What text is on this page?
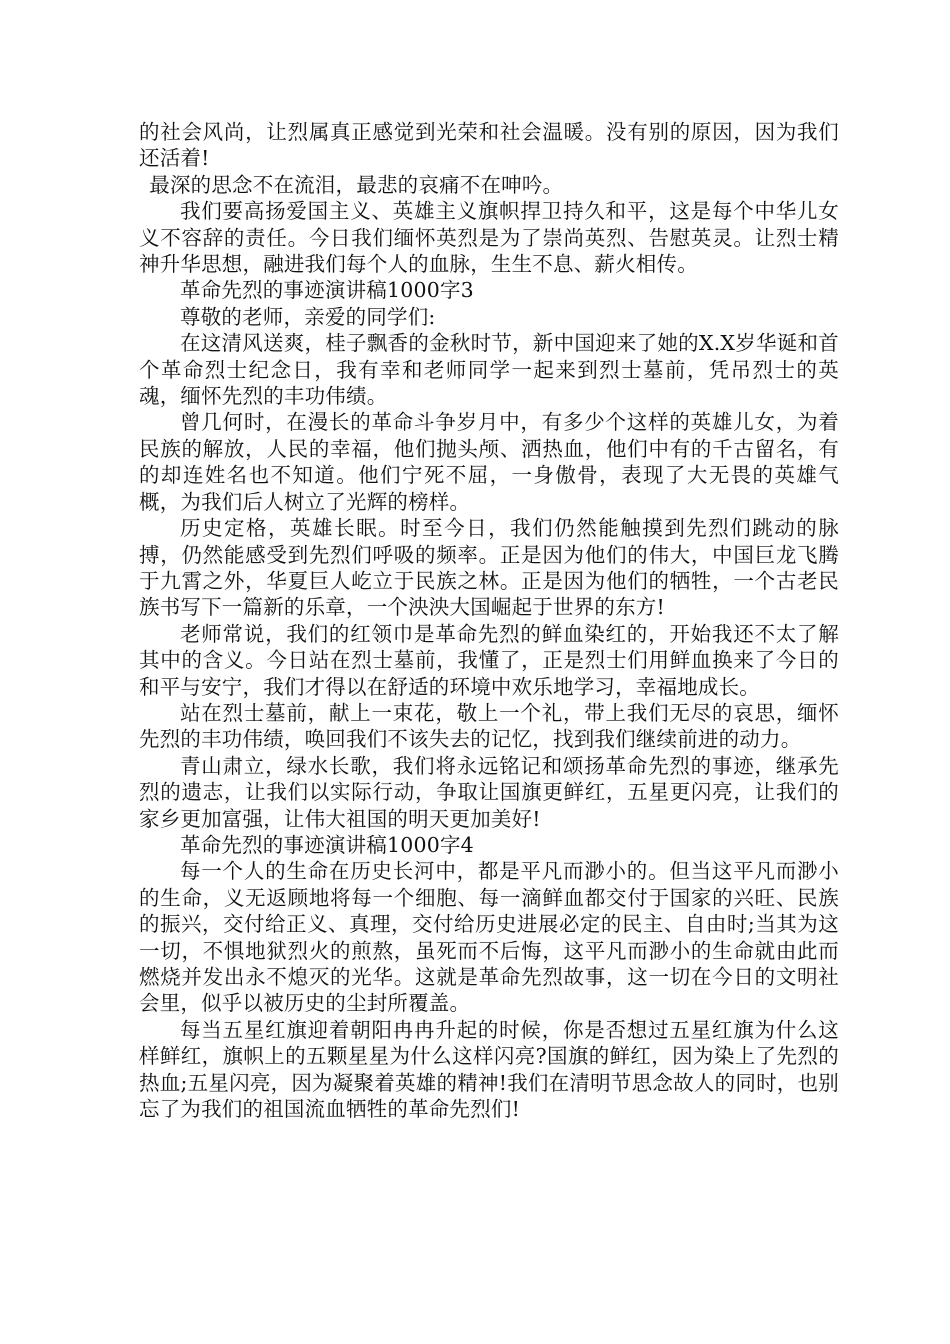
的社会风尚，让烈属真正感觉到光荣和社会温暖。没有别的原因，因为我们还活着!

最深的思念不在流泪，最悲的哀痛不在呻吟。

我们要高扬爱国主义、英雄主义旗帜捍卫持久和平，这是每个中华儿女义不容辞的责任。今日我们缅怀英烈是为了崇尚英烈、告慰英灵。让烈士精神升华思想，融进我们每个人的血脉，生生不息、薪火相传。

革命先烈的事迹演讲稿1000字3

尊敬的老师，亲爱的同学们:

在这清风送爽，桂子飘香的金秋时节，新中国迎来了她的X.X岁华诞和首个革命烈士纪念日，我有幸和老师同学一起来到烈士墓前，凭吊烈士的英魂，缅怀先烈的丰功伟绩。

曾几何时，在漫长的革命斗争岁月中，有多少个这样的英雄儿女，为着民族的解放，人民的幸福，他们抛头颅、洒热血，他们中有的千古留名，有的却连姓名也不知道。他们宁死不屈，一身傲骨，表现了大无畏的英雄气概，为我们后人树立了光辉的榜样。

历史定格，英雄长眠。时至今日，我们仍然能触摸到先烈们跳动的脉搏，仍然能感受到先烈们呼吸的频率。正是因为他们的伟大，中国巨龙飞腾于九霄之外，华夏巨人屹立于民族之林。正是因为他们的牺牲，一个古老民族书写下一篇新的乐章，一个泱泱大国崛起于世界的东方!

老师常说，我们的红领巾是革命先烈的鲜血染红的，开始我还不太了解其中的含义。今日站在烈士墓前，我懂了，正是烈士们用鲜血换来了今日的和平与安宁，我们才得以在舒适的环境中欢乐地学习，幸福地成长。

站在烈士墓前，献上一束花，敬上一个礼，带上我们无尽的哀思，缅怀先烈的丰功伟绩，唤回我们不该失去的记忆，找到我们继续前进的动力。

青山肃立，绿水长歌，我们将永远铭记和颂扬革命先烈的事迹，继承先烈的遗志，让我们以实际行动，争取让国旗更鲜红，五星更闪亮，让我们的家乡更加富强，让伟大祖国的明天更加美好!

革命先烈的事迹演讲稿1000字4

每一个人的生命在历史长河中，都是平凡而渺小的。但当这平凡而渺小的生命，义无返顾地将每一个细胞、每一滴鲜血都交付于国家的兴旺、民族的振兴，交付给正义、真理，交付给历史进展必定的民主、自由时;当其为这一切，不惧地狱烈火的煎熬，虽死而不后悔，这平凡而渺小的生命就由此而燃烧并发出永不熄灭的光华。这就是革命先烈故事，这一切在今日的文明社会里，似乎以被历史的尘封所覆盖。

每当五星红旗迎着朝阳冉冉升起的时候，你是否想过五星红旗为什么这样鲜红，旗帜上的五颗星星为什么这样闪亮?国旗的鲜红，因为染上了先烈的热血;五星闪亮，因为凝聚着英雄的精神!我们在清明节思念故人的同时，也别忘了为我们的祖国流血牺牲的革命先烈们!
